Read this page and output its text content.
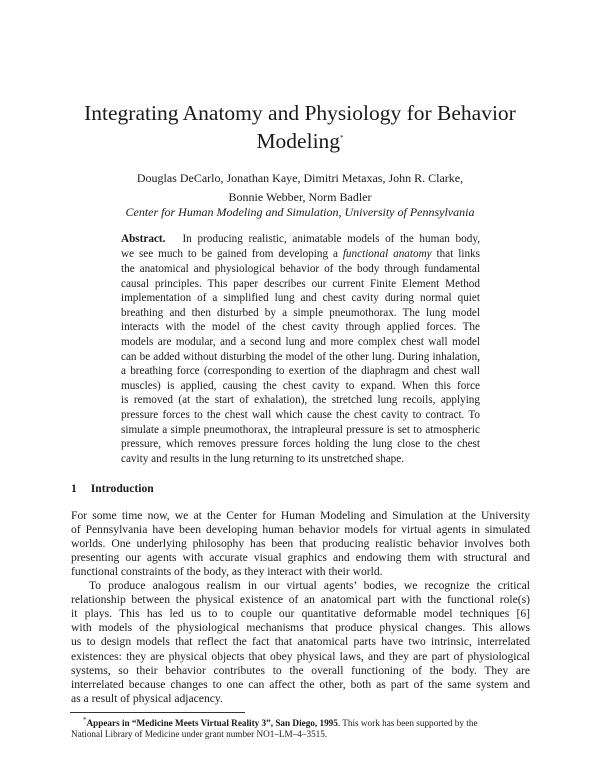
Integrating Anatomy and Physiology for Behavior
Modeling*
Douglas DeCarlo, Jonathan Kaye, Dimitri Metaxas, John R. Clarke,
Bonnie Webber, Norm Badler
Center for Human Modeling and Simulation, University of Pennsylvania
Abstract. In producing realistic, animatable models of the human body,
we see much to be gained from developing a functional anatomy that links
the anatomical and physiological behavior of the body through fundamental
causal principles. This paper describes our current Finite Element Method
implementation of a simplified lung and chest cavity during normal quiet
breathing and then disturbed by a simple pneumothorax. The lung model
interacts with the model of the chest cavity through applied forces. The
models are modular, and a second lung and more complex chest wall model
can be added without disturbing the model of the other lung. During inhalation,
a breathing force (corresponding to exertion of the diaphragm and chest wall
muscles) is applied, causing the chest cavity to expand. When this force
is removed (at the start of exhalation), the stretched lung recoils, applying
pressure forces to the chest wall which cause the chest cavity to contract. To
simulate a simple pneumothorax, the intrapleural pressure is set to atmospheric
pressure, which removes pressure forces holding the lung close to the chest
cavity and results in the lung returning to its unstretched shape.
1 Introduction
For some time now, we at the Center for Human Modeling and Simulation at the University
of Pennsylvania have been developing human behavior models for virtual agents in simulated
worlds. One underlying philosophy has been that producing realistic behavior involves both
presenting our agents with accurate visual graphics and endowing them with structural and
functional constraints of the body, as they interact with their world.
To produce analogous realism in our virtual agents’ bodies, we recognize the critical
relationship between the physical existence of an anatomical part with the functional role(s)
it plays. This has led us to to couple our quantitative deformable model techniques [6]
with models of the physiological mechanisms that produce physical changes. This allows
us to design models that reflect the fact that anatomical parts have two intrinsic, interrelated
existences: they are physical objects that obey physical laws, and they are part of physiological
systems, so their behavior contributes to the overall functioning of the body. They are
interrelated because changes to one can affect the other, both as part of the same system and
as a result of physical adjacency.
*Appears in “Medicine Meets Virtual Reality 3”, San Diego, 1995. This work has been supported by the
National Library of Medicine under grant number NO1–LM–4–3515.
